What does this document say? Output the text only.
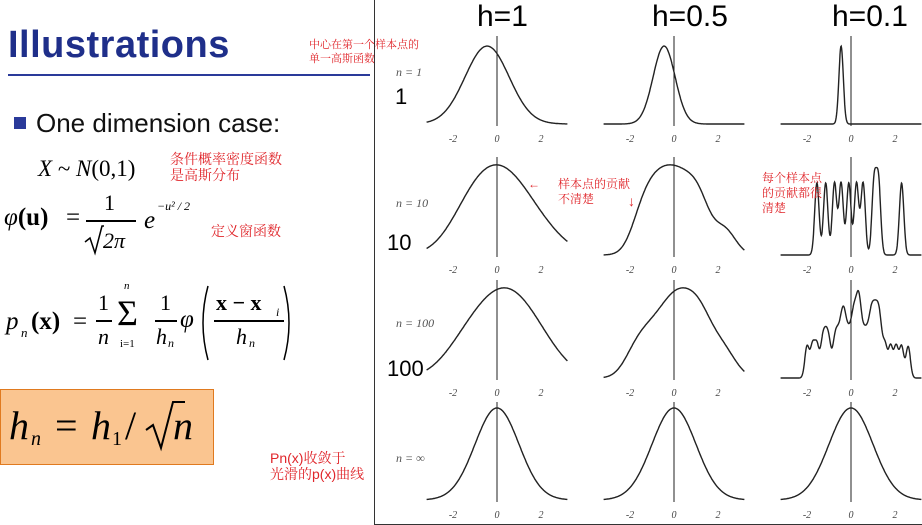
Illustrations
One dimension case:
X ~ N(0,1)
φ(u) =
1
2π
e
−u² / 2
p n (x) =
1
n
n
Σ
i=1
1
h n
φ
x − x i
h n
h n = h 1 / n
中心在第一个样本点的
单一高斯函数
条件概率密度函数
是高斯分布
定义窗函数
Pn(x)收敛于
光滑的p(x)曲线
h=1	h=0.5	h=0.1
n = 1
n = 10
n = 100
n = ∞
1
10
100
-2	0	2	-2	0	2	-2	0	2
-2	0	2	-2	0	2	-2	0	2
-2	0	2	-2	0	2	-2	0	2
-2	0	2	-2	0	2	-2	0	2
← 样本点的贡献
不清楚	↓
每个样本点
的贡献都很
清楚
